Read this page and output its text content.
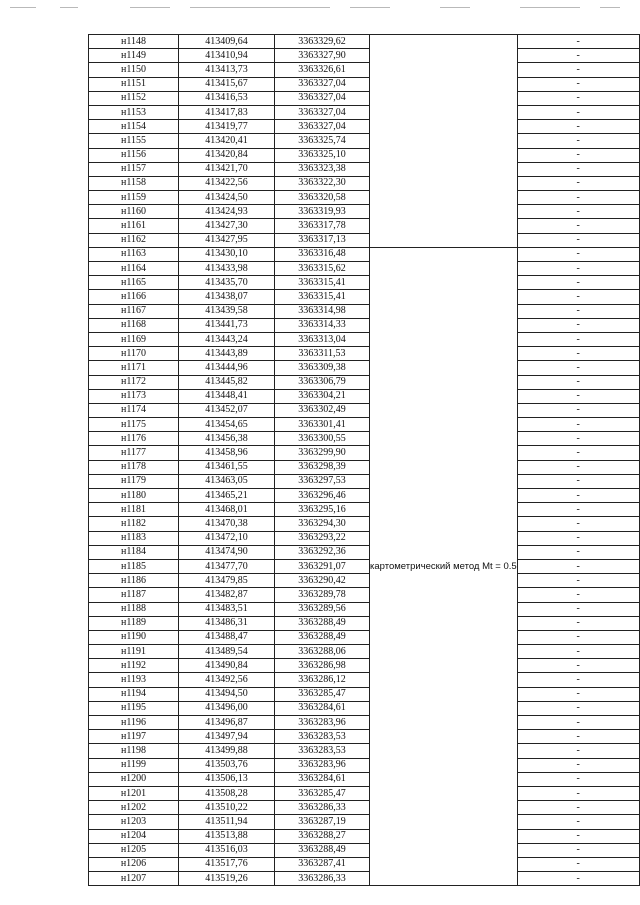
н1148	413409,64	3363329,62		-
н1149	413410,94	3363327,90		-
н1150	413413,73	3363326,61		-
н1151	413415,67	3363327,04		-
н1152	413416,53	3363327,04		-
н1153	413417,83	3363327,04		-
н1154	413419,77	3363327,04		-
н1155	413420,41	3363325,74		-
н1156	413420,84	3363325,10		-
н1157	413421,70	3363323,38		-
н1158	413422,56	3363322,30		-
н1159	413424,50	3363320,58		-
н1160	413424,93	3363319,93		-
н1161	413427,30	3363317,78		-
н1162	413427,95	3363317,13		-
н1163	413430,10	3363316,48	картометрический метод Mt = 0.5	-
н1164	413433,98	3363315,62		-
н1165	413435,70	3363315,41		-
н1166	413438,07	3363315,41		-
н1167	413439,58	3363314,98		-
н1168	413441,73	3363314,33		-
н1169	413443,24	3363313,04		-
н1170	413443,89	3363311,53		-
н1171	413444,96	3363309,38		-
н1172	413445,82	3363306,79		-
н1173	413448,41	3363304,21		-
н1174	413452,07	3363302,49		-
н1175	413454,65	3363301,41		-
н1176	413456,38	3363300,55		-
н1177	413458,96	3363299,90		-
н1178	413461,55	3363298,39		-
н1179	413463,05	3363297,53		-
н1180	413465,21	3363296,46		-
н1181	413468,01	3363295,16		-
н1182	413470,38	3363294,30		-
н1183	413472,10	3363293,22		-
н1184	413474,90	3363292,36		-
н1185	413477,70	3363291,07		-
н1186	413479,85	3363290,42		-
н1187	413482,87	3363289,78		-
н1188	413483,51	3363289,56		-
н1189	413486,31	3363288,49		-
н1190	413488,47	3363288,49		-
н1191	413489,54	3363288,06		-
н1192	413490,84	3363286,98		-
н1193	413492,56	3363286,12		-
н1194	413494,50	3363285,47		-
н1195	413496,00	3363284,61		-
н1196	413496,87	3363283,96		-
н1197	413497,94	3363283,53		-
н1198	413499,88	3363283,53		-
н1199	413503,76	3363283,96		-
н1200	413506,13	3363284,61		-
н1201	413508,28	3363285,47		-
н1202	413510,22	3363286,33		-
н1203	413511,94	3363287,19		-
н1204	413513,88	3363288,27		-
н1205	413516,03	3363288,49		-
н1206	413517,76	3363287,41		-
н1207	413519,26	3363286,33		-
